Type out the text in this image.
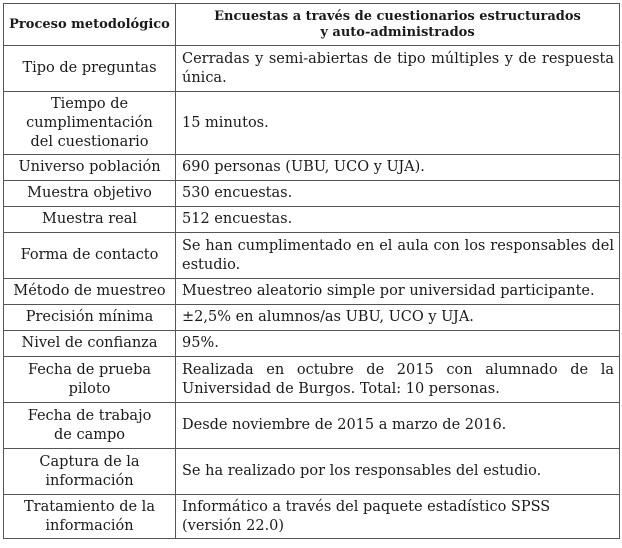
Proceso metodológico	Encuestas a través de cuestionarios estructurados
y auto-administrados
Tipo de preguntas	Cerradas y semi-abiertas de tipo múltiples y de respuesta única.
Tiempo de
cumplimentación
del cuestionario	15 minutos.
Universo población	690 personas (UBU, UCO y UJA).
Muestra objetivo	530 encuestas.
Muestra real	512 encuestas.
Forma de contacto	Se han cumplimentado en el aula con los responsables del estudio.
Método de muestreo	Muestreo aleatorio simple por universidad participante.
Precisión mínima	±2,5% en alumnos/as UBU, UCO y UJA.
Nivel de confianza	95%.
Fecha de prueba
piloto	Realizada en octubre de 2015 con alumnado de la Universidad de Burgos. Total: 10 personas.
Fecha de trabajo
de campo	Desde noviembre de 2015 a marzo de 2016.
Captura de la
información	Se ha realizado por los responsables del estudio.
Tratamiento de la
información	Informático a través del paquete estadístico SPSS
(versión 22.0)
